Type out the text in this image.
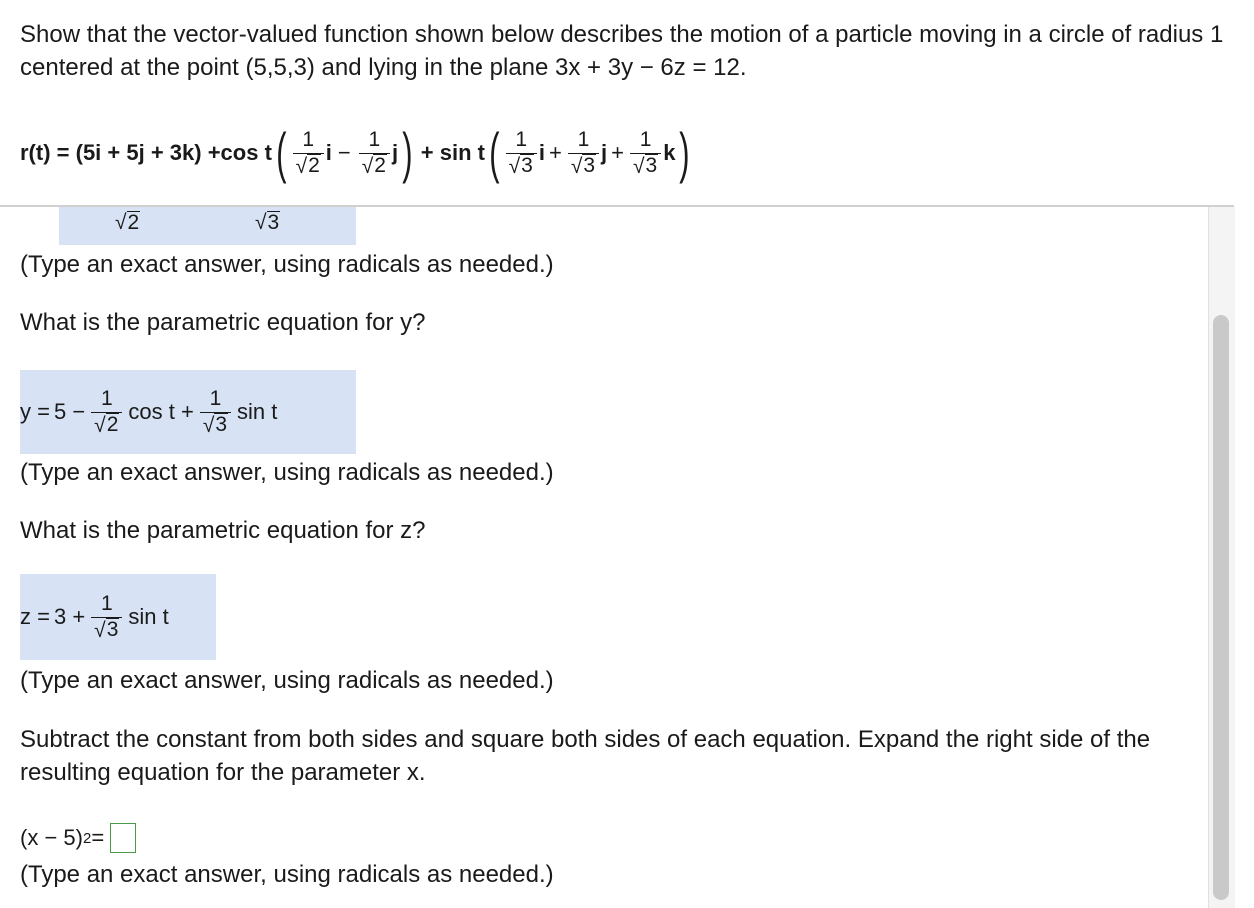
Show that the vector-valued function shown below describes the motion of a particle moving in a circle of radius 1 centered at the point (5,5,3) and lying in the plane 3x + 3y − 6z = 12.
r(t) = (5i + 5j + 3k) + cos t ( $\frac{1}{√ 2}$ $i - \frac{1}{√ 2}$ j ) + sin t ( $\frac{1}{√ 3}$ $i + \frac{1}{√ 3}$ $j + \frac{1}{√ 3}$ k )
√ 2	√ 3
(Type an exact answer, using radicals as needed.)
What is the parametric equation for y?
$y = 5 - \frac{1}{√ 2}$ $\cos t + \frac{1}{√ 3}$ sin t
(Type an exact answer, using radicals as needed.)
What is the parametric equation for z?
$z = 3 + \frac{1}{√ 3}$ sin t
(Type an exact answer, using radicals as needed.)
Subtract the constant from both sides and square both sides of each equation. Expand the right side of the resulting equation for the parameter x.
(x − 5) 2 =
(Type an exact answer, using radicals as needed.)
